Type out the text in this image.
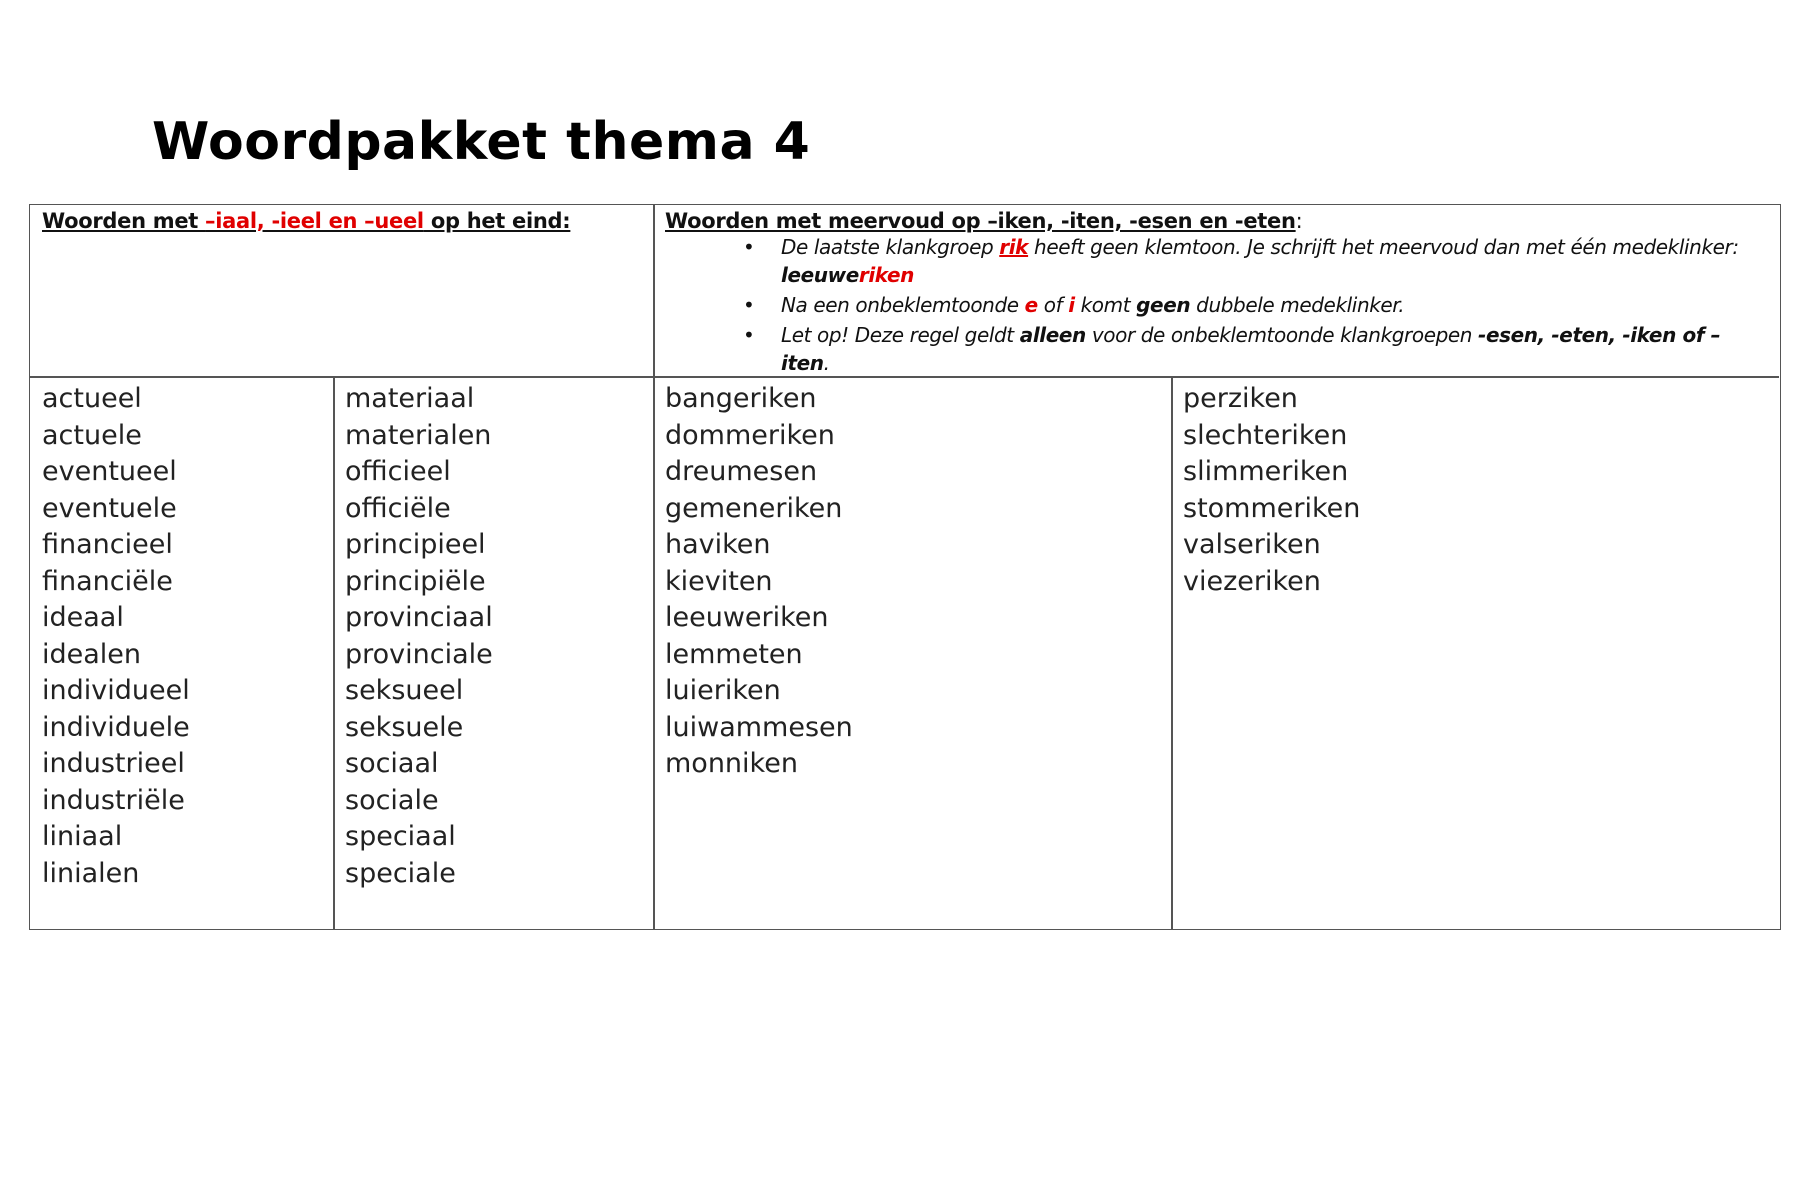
Woordpakket thema 4
Woorden met –iaal, -ieel en –ueel op het eind:	Woorden met meervoud op –iken, -iten, -esen en -eten:
• De laatste klankgroep rik heeft geen klemtoon. Je schrijft het meervoud dan met één medeklinker: leeuweriken
• Na een onbeklemtoonde e of i komt geen dubbele medeklinker.
• Let op! Deze regel geldt alleen voor de onbeklemtoonde klankgroepen -esen, -eten, -iken of –iten.
actueel
actuele
eventueel
eventuele
financieel
financiële
ideaal
idealen
individueel
individuele
industrieel
industriële
liniaal
linialen
materiaal
materialen
officieel
officiële
principieel
principiële
provinciaal
provinciale
seksueel
seksuele
sociaal
sociale
speciaal
speciale
bangeriken
dommeriken
dreumesen
gemeneriken
haviken
kieviten
leeuweriken
lemmeten
luieriken
luiwammesen
monniken
perziken
slechteriken
slimmeriken
stommeriken
valseriken
viezeriken
